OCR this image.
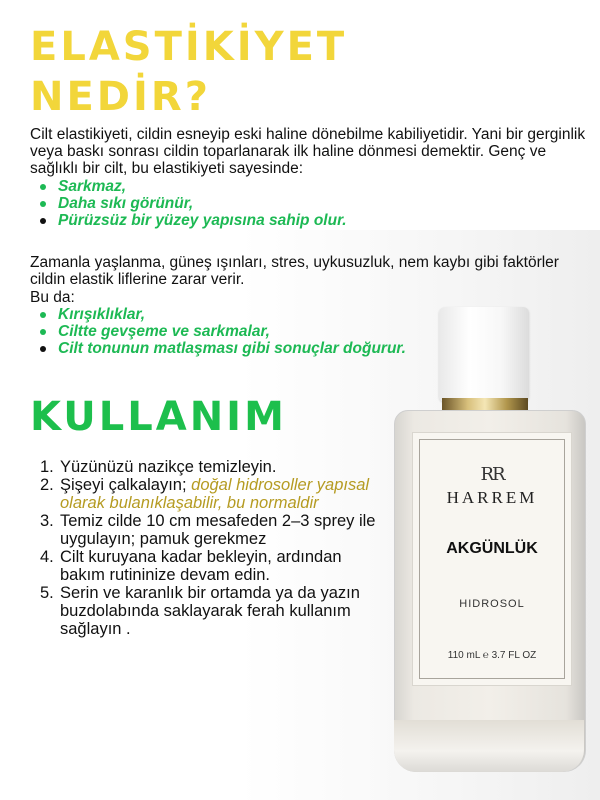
ELASTİKİYET
NEDİR?

Cilt elastikiyeti, cildin esneyip eski haline dönebilme kabiliyetidir. Yani bir gerginlik veya baskı sonrası cildin toparlanarak ilk haline dönmesi demektir. Genç ve sağlıklı bir cilt, bu elastikiyeti sayesinde:

Sarkmaz,
Daha sıkı görünür,
Pürüzsüz bir yüzey yapısına sahip olur.

Zamanla yaşlanma, güneş ışınları, stres, uykusuzluk, nem kaybı gibi faktörler cildin elastik liflerine zarar verir.

Bu da:

Kırışıklıklar,
Ciltte gevşeme ve sarkmalar,
Cilt tonunun matlaşması gibi sonuçlar doğurur.
KULLANIM
1. Yüzünüzü nazikçe temizleyin.
2. Şişeyi çalkalayın; doğal hidrosoller yapısal olarak bulanıklaşabilir, bu normaldir
3. Temiz cilde 10 cm mesafeden 2–3 sprey ile uygulayın; pamuk gerekmez
4. Cilt kuruyana kadar bekleyin, ardından bakım rutininize devam edin.
5. Serin ve karanlık bir ortamda ya da yazın buzdolabında saklayarak ferah kullanım sağlayın .
RR
HARREM
AKGÜNLÜK
HIDROSOL
110 mL ℮ 3.7 FL OZ
